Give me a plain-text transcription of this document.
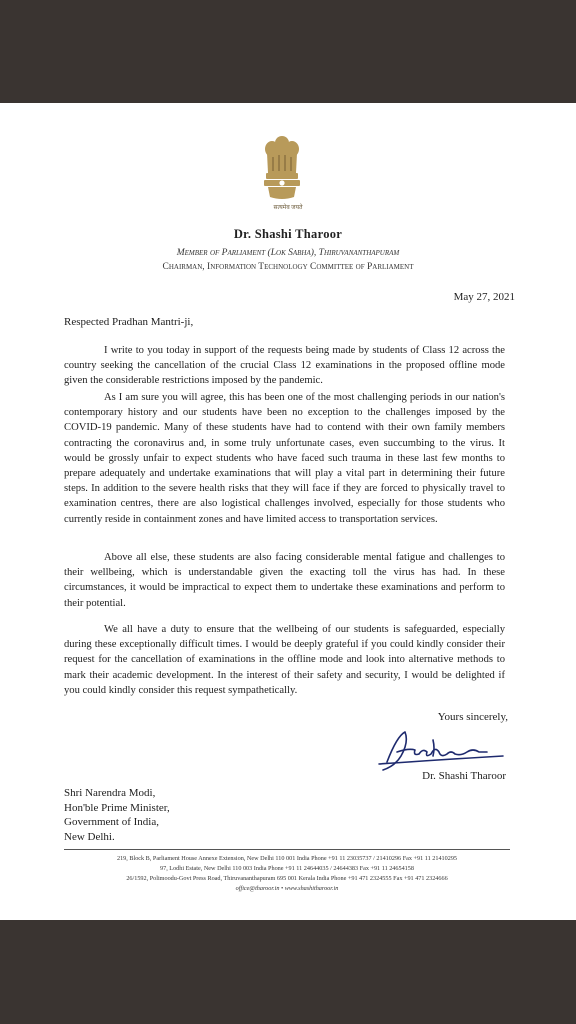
सत्यमेव जयते
Dr. Shashi Tharoor
Member of Parliament (Lok Sabha), Thiruvananthapuram
Chairman, Information Technology Committee of Parliament
May 27, 2021
Respected Pradhan Mantri-ji,

I write to you today in support of the requests being made by students of Class 12 across the country seeking the cancellation of the crucial Class 12 examinations in the proposed offline mode given the considerable restrictions imposed by the pandemic.

As I am sure you will agree, this has been one of the most challenging periods in our nation's contemporary history and our students have been no exception to the challenges imposed by the COVID-19 pandemic. Many of these students have had to contend with their own family members contracting the coronavirus and, in some truly unfortunate cases, even succumbing to the virus. It would be grossly unfair to expect students who have faced such trauma in these last few months to prepare adequately and undertake examinations that will play a vital part in determining their future steps. In addition to the severe health risks that they will face if they are forced to physically travel to examination centres, there are also logistical challenges involved, especially for those students who currently reside in containment zones and have limited access to transportation services.

Above all else, these students are also facing considerable mental fatigue and challenges to their wellbeing, which is understandable given the exacting toll the virus has had. In these circumstances, it would be impractical to expect them to undertake these examinations and perform to their potential.

We all have a duty to ensure that the wellbeing of our students is safeguarded, especially during these exceptionally difficult times. I would be deeply grateful if you could kindly consider their request for the cancellation of examinations in the offline mode and look into alternative methods to mark their academic development. In the interest of their safety and security, I would be delighted if you could kindly consider this request sympathetically.

Yours sincerely,
Dr. Shashi Tharoor
Shri Narendra Modi,
Hon'ble Prime Minister,
Government of India,
New Delhi.
219, Block B, Parliament House Annexe Extension, New Delhi 110 001 India Phone +91 11 23035737 / 21410296 Fax +91 11 21410295
97, Lodhi Estate, New Delhi 110 003 India Phone +91 11 24644035 / 24644383 Fax +91 11 24654158
26/1592, Polimoodu-Govt Press Road, Thiruvananthapuram 695 001 Kerala India Phone +91 471 2324555 Fax +91 471 2324666
office@tharoor.in • www.shashitharoor.in
